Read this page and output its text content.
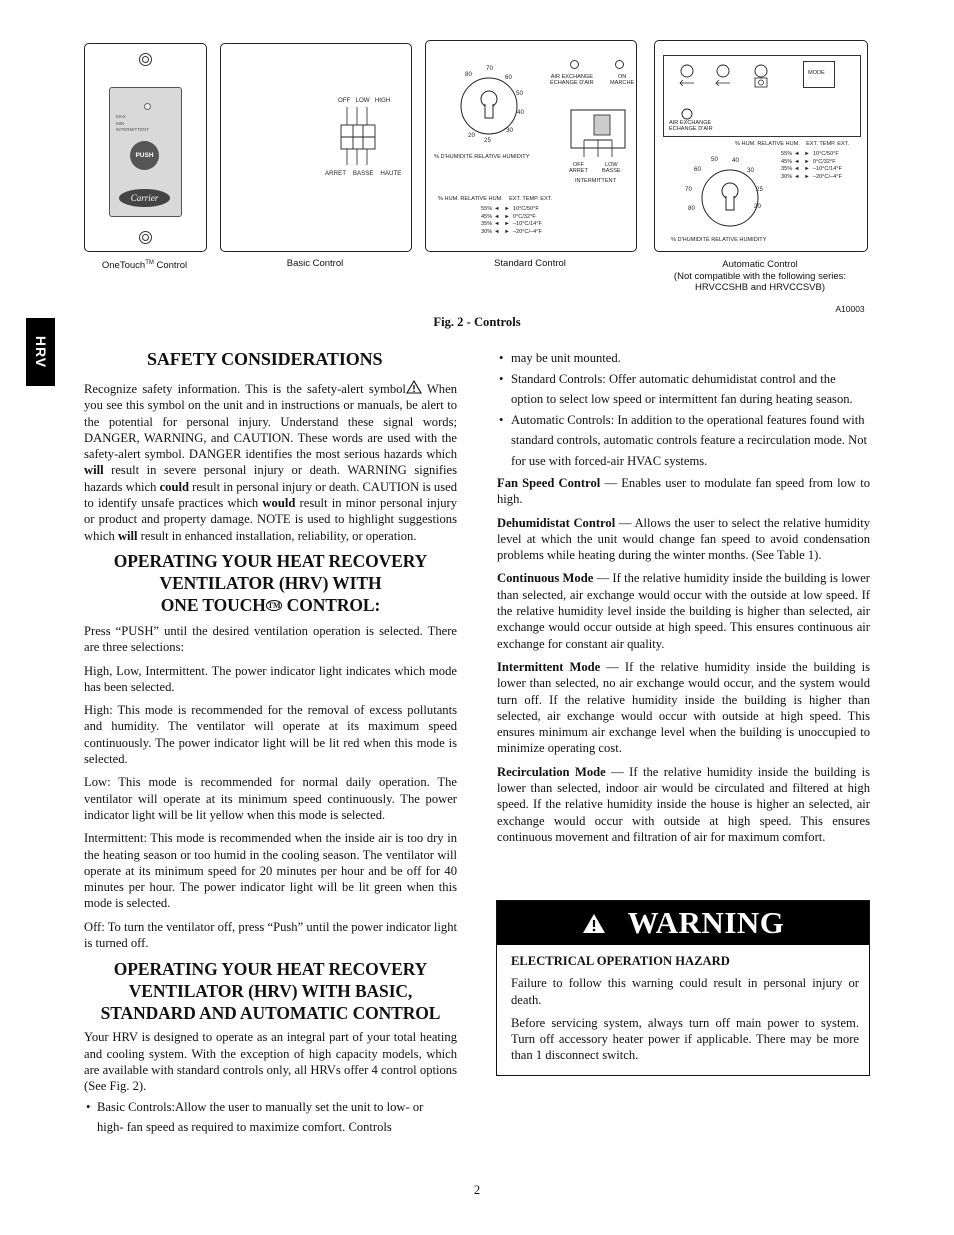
MAX
MIN
INTERMITTENT
PUSH
Carrier
OneTouch™ Control
OFF LOW HIGH
ARRET BASSE HAUTE
Basic Control
70
60
50
40
30
25
20
80
% D'HUMIDITÉ RELATIVE HUMIDITY
AIR EXCHANGE
ÉCHANGE D'AIR
ON
MARCHE
OFF
ARRET
LOW
BASSE
INTERMITTENT
% HUM. RELATIVE HUM. EXT. TEMP. EXT.
55% ◄   ►  10°C/50°F
45% ◄   ►  0°C/32°F
35% ◄   ►  –10°C/14°F
30% ◄   ►  –20°C/–4°F
Standard Control
MODE
AIR EXCHANGE
ÉCHANGE D'AIR
% HUM. RELATIVE HUM. EXT. TEMP. EXT.
55% ◄   ►  10°C/50°F
45% ◄   ►  0°C/32°F
35% ◄   ►  –10°C/14°F
30% ◄   ►  –20°C/–4°F
50 40
30
25
20
60
70
80
% D'HUMIDITÉ RELATIVE HUMIDITY
Automatic Control
(Not compatible with the following series:
HRVCCSHB and HRVCCSVB)
A10003
Fig. 2 - Controls
HRV	SAFETY CONSIDERATIONS

Recognize safety information. This is the safety-alert symbol When you see this symbol on the unit and in instructions or manuals, be alert to the potential for personal injury. Understand these signal words; DANGER, WARNING, and CAUTION. These words are used with the safety-alert symbol. DANGER identifies the most serious hazards which will result in severe personal injury or death. WARNING signifies hazards which could result in personal injury or death. CAUTION is used to identify unsafe practices which would result in minor personal injury or product and property damage. NOTE is used to highlight suggestions which will result in enhanced installation, reliability, or operation.

OPERATING YOUR HEAT RECOVERY
VENTILATOR (HRV) WITH
ONE TOUCH TM CONTROL:

Press “PUSH” until the desired ventilation operation is selected. There are three selections:

High, Low, Intermittent. The power indicator light indicates which mode has been selected.

High: This mode is recommended for the removal of excess pollutants and humidity. The ventilator will operate at its maximum speed continuously. The power indicator light will be lit red when this mode is selected.

Low: This mode is recommended for normal daily operation. The ventilator will operate at its minimum speed continuously. The power indicator light will be lit yellow when this mode is selected.

Intermittent: This mode is recommended when the inside air is too dry in the heating season or too humid in the cooling season. The ventilator will operate at its minimum speed for 20 minutes per hour and be off for 40 minutes per hour. The power indicator light will be lit green when this mode is selected.

Off: To turn the ventilator off, press “Push” until the power indicator light is turned off.

OPERATING YOUR HEAT RECOVERY
VENTILATOR (HRV) WITH BASIC,
STANDARD AND AUTOMATIC CONTROL

Your HRV is designed to operate as an integral part of your total heating and cooling system. With the exception of high capacity models, which are available with standard controls only, all HRVs offer 4 control options (See Fig. 2).

• Basic Controls:Allow the user to manually set the unit to low- or high- fan speed as required to maximize comfort. Controls

• may be unit mounted.

• Standard Controls: Offer automatic dehumidistat control and the option to select low speed or intermittent fan during heating season.

• Automatic Controls: In addition to the operational features found with standard controls, automatic controls feature a recirculation mode. Not for use with forced-air HVAC systems.

Fan Speed Control — Enables user to modulate fan speed from low to high.

Dehumidistat Control — Allows the user to select the relative humidity level at which the unit would change fan speed to avoid condensation problems while heating during the winter months. (See Table 1).

Continuous Mode — If the relative humidity inside the building is lower than selected, air exchange would occur with the outside at low speed. If the relative humidity level inside the building is higher than selected, air exchange would occur outside at high speed. This ensures continuous air exchange for constant air quality.

Intermittent Mode — If the relative humidity inside the building is lower than selected, no air exchange would occur, and the system would turn off. If the relative humidity inside the building is higher than selected, air exchange would occur with outside at high speed. This ensures minimum air exchange level when the building is unoccupied to minimize operating cost.

Recirculation Mode — If the relative humidity inside the building is lower than selected, indoor air would be circulated and filtered at high speed. If the relative humidity inside the house is higher an selected, air exchange would occur with outside at high speed. This ensures continuous movement and filtration of air for maximum comfort.

WARNING

ELECTRICAL OPERATION HAZARD

Failure to follow this warning could result in personal injury or death.

Before servicing system, always turn off main power to system. Turn off accessory heater power if applicable. There may be more than 1 disconnect switch.

2
